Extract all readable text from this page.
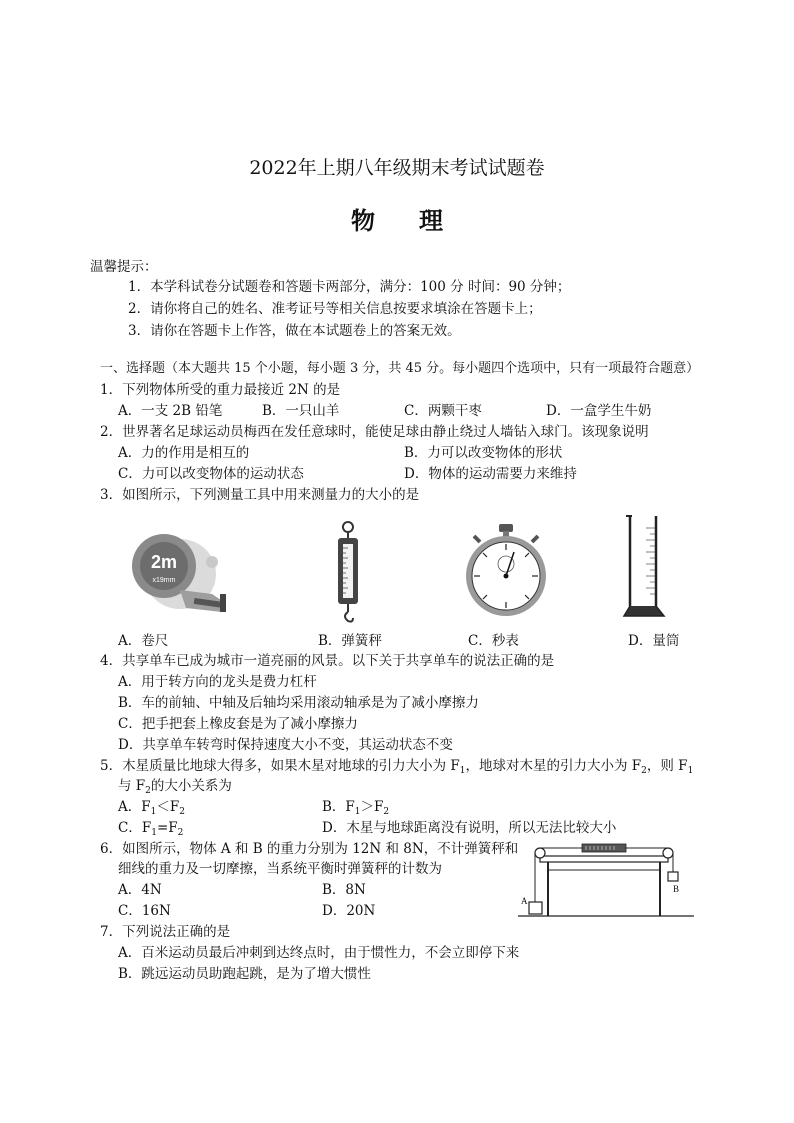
2022年上期八年级期末考试试题卷
物理
温馨提示：
1．本学科试卷分试题卷和答题卡两部分，满分：100 分 时间：90 分钟；
2．请你将自己的姓名、准考证号等相关信息按要求填涂在答题卡上；
3．请你在答题卡上作答，做在本试题卷上的答案无效。
一、选择题（本大题共 15 个小题，每小题 3 分，共 45 分。每小题四个选项中，只有一项最符合题意）
1．下列物体所受的重力最接近 2N 的是
A．一支 2B 铅笔	B．一只山羊	C．两颗干枣	D．一盒学生牛奶
2．世界著名足球运动员梅西在发任意球时，能使足球由静止绕过人墙钻入球门。该现象说明
A．力的作用是相互的	B．力可以改变物体的形状
C．力可以改变物体的运动状态	D．物体的运动需要力来维持
3．如图所示，下列测量工具中用来测量力的大小的是
2m
x19mm
A．卷尺	B．弹簧秤	C．秒表	D．量筒
4．共享单车已成为城市一道亮丽的风景。以下关于共享单车的说法正确的是
A．用于转方向的龙头是费力杠杆
B．车的前轴、中轴及后轴均采用滚动轴承是为了减小摩擦力
C．把手把套上橡皮套是为了减小摩擦力
D．共享单车转弯时保持速度大小不变，其运动状态不变
5．木星质量比地球大得多，如果木星对地球的引力大小为 $F_1$，地球对木星的引力大小为 $F_2$，则 $F_1$
与 $F_2$的大小关系为
A．$F_1<F_2$	B．$F_1>F_2$
C．$F_1=F_2$	D．木星与地球距离没有说明，所以无法比较大小
6．如图所示，物体 A 和 B 的重力分别为 12N 和 8N，不计弹簧秤和
细线的重力及一切摩擦，当系统平衡时弹簧秤的计数为
A．4N	B．8N
C．16N	D．20N
A
B
7．下列说法正确的是
A．百米运动员最后冲刺到达终点时，由于惯性力，不会立即停下来
B．跳远运动员助跑起跳，是为了增大惯性
